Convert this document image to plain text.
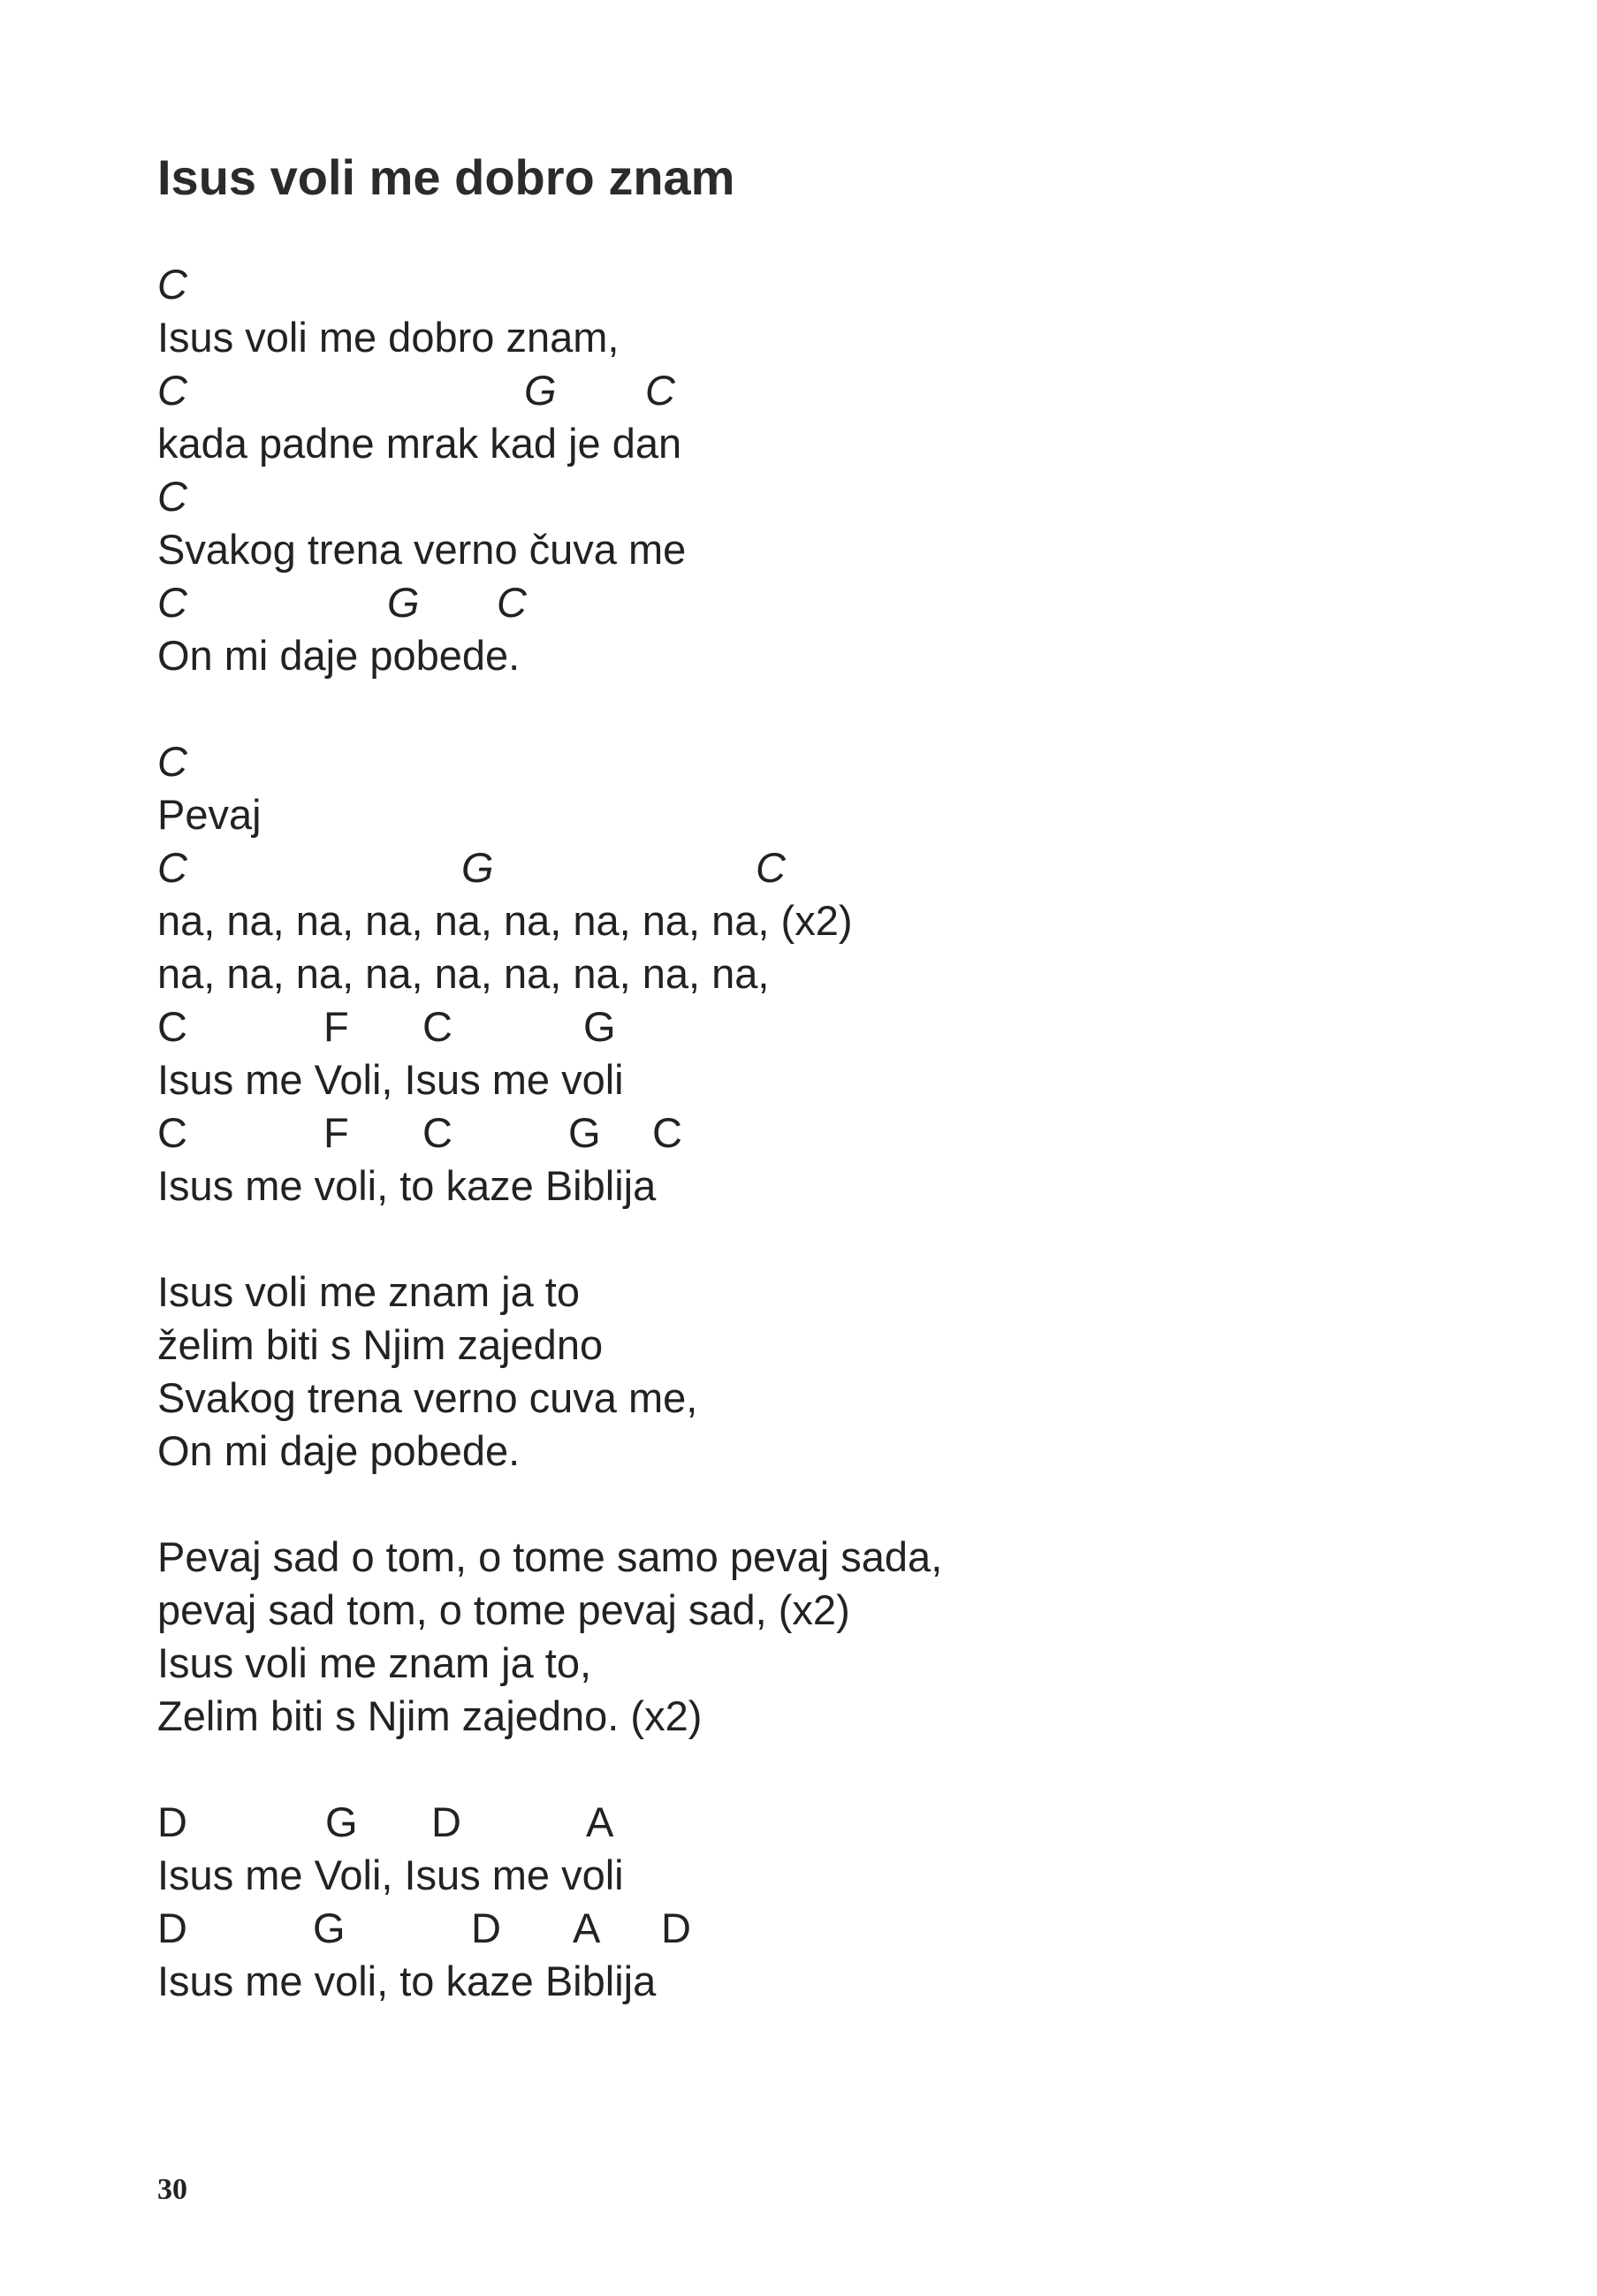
Isus voli me dobro znam
C
Isus voli me dobro znam,
C	G C
kada padne mrak kad je dan
C
Svakog trena verno čuva me
C	G C
On mi daje pobede.
C
Pevaj
C	G	C
na, na, na, na, na, na, na, na, na, (x2)
na, na, na, na, na, na, na, na, na,
C	F C	G
Isus me Voli, Isus me voli
C	F C	G C
Isus me voli, to kaze Biblija
Isus voli me znam ja to
želim biti s Njim zajedno
Svakog trena verno cuva me,
On mi daje pobede.
Pevaj sad o tom, o tome samo pevaj sada,
pevaj sad tom, o tome pevaj sad, (x2)
Isus voli me znam ja to,
Zelim biti s Njim zajedno. (x2)
D	G D	A
Isus me Voli, Isus me voli
D	G	D A D
Isus me voli, to kaze Biblija
30
